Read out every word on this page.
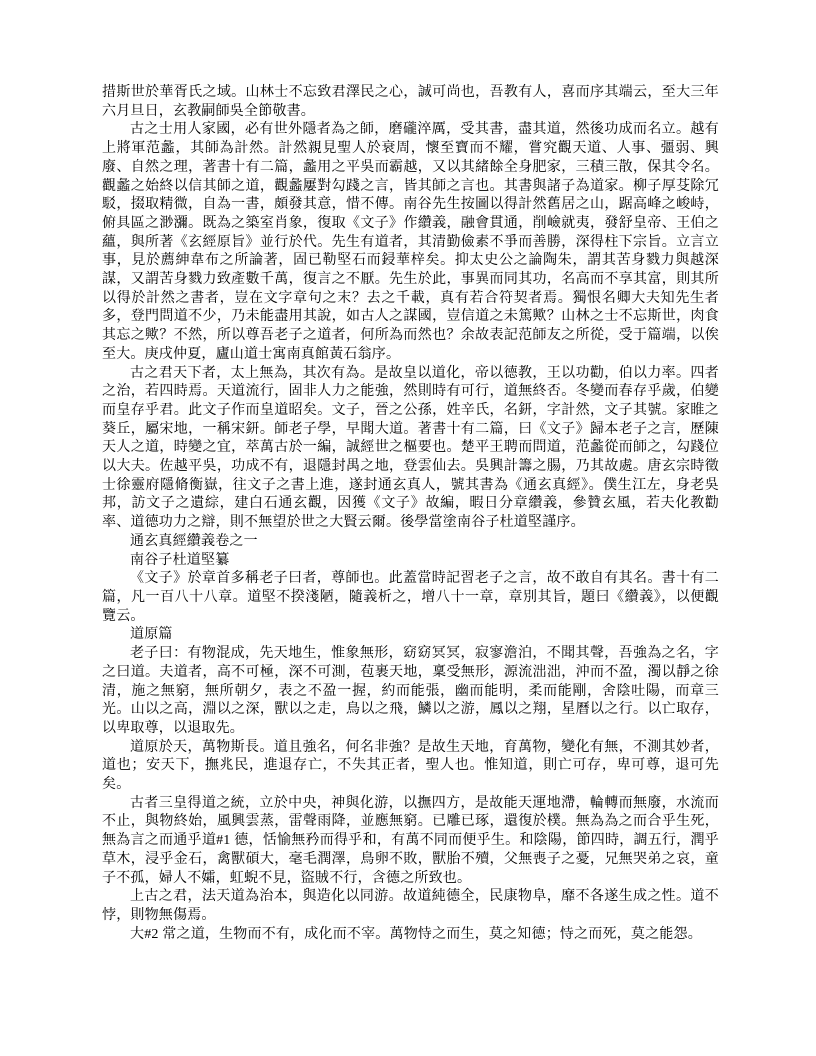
措斯世於華胥氏之域。山林士不忘致君澤民之心，誠可尚也，吾教有人，喜而序其端云，至大三年六月旦日，玄教嗣師吳全節敬書。

古之士用人家國，必有世外隱者為之師，磨礲淬厲，受其書，盡其道，然後功成而名立。越有上將軍范蠡，其師為計然。計然親見聖人於衰周，懷至寶而不耀，嘗究觀天道、人事、彊弱、興廢、自然之理，著書十有二篇，蠡用之平吳而霸越，又以其緒餘全身肥家，三積三散，保其令名。觀蠡之始終以信其師之道，觀蠡屢對勾踐之言，皆其師之言也。其書與諸子為道家。柳子厚芟除冗駁，掇取精微，自為一書，頗發其意，惜不傳。南谷先生按圖以得計然舊居之山，踞高峰之峻峙，俯具區之渺瀰。既為之築室肖象，復取《文子》作纘義，融會貫通，削嶮就夷，發舒皇帝、王伯之蘊，與所著《玄經原旨》並行於代。先生有道者，其清勤儉素不爭而善勝，深得柱下宗旨。立言立事，見於薦紳韋布之所論著，固已勒堅石而鋟華梓矣。抑太史公之論陶朱，謂其苦身戮力與越深謀，又謂苦身戮力致產數千萬，復言之不厭。先生於此，事異而同其功，名高而不享其富，則其所以得於計然之書者，豈在文字章句之末？去之千載，真有若合符契者焉。獨恨名卿大夫知先生者多，登門問道不少，乃未能盡用其說，如古人之謀國，豈信道之未篤歟？山林之士不忘斯世，肉食其忘之歟？不然，所以尊吾老子之道者，何所為而然也？余故表記范師友之所從，受于篇端，以俟至大。庚戌仲夏，廬山道士寓南真館黃石翁序。

古之君天下者，太上無為，其次有為。是故皇以道化，帝以德教，王以功勸，伯以力率。四者之治，若四時焉。天道流行，固非人力之能強，然則時有可行，道無終否。冬變而春存乎歲，伯變而皇存乎君。此文子作而皇道昭矣。文子，晉之公孫，姓辛氏，名鈃，字計然，文子其號。家睢之葵丘，屬宋地，一稱宋鈃。師老子學，早聞大道。著書十有二篇，曰《文子》歸本老子之言，歷陳天人之道，時變之宜，萃萬古於一編，誠經世之樞要也。楚平王聘而問道，范蠡從而師之，勾踐位以大夫。佐越平吳，功成不有，退隱封禺之地，登雲仙去。吳興計籌之腸，乃其故處。唐玄宗時徵士徐靈府隱脩衡嶽，往文子之書上進，遂封通玄真人，號其書為《通玄真經》。僕生江左，身老吳邦，訪文子之遺綜，建白石通玄觀，因獲《文子》故編，暇日分章纘義，參贊玄風，若夫化教勸率、道德功力之辯，則不無望於世之大賢云爾。後學當塗南谷子杜道堅謹序。

通玄真經纘義卷之一

南谷子杜道堅纂

《文子》於章首多稱老子曰者，尊師也。此蓋當時記習老子之言，故不敢自有其名。書十有二篇，凡一百八十八章。道堅不揆淺陋，隨義析之，增八十一章，章別其旨，題曰《纘義》，以便觀覽云。

道原篇

老子曰：有物混成，先天地生，惟象無形，窈窈冥冥，寂寥澹泊，不聞其聲，吾強為之名，字之曰道。夫道者，高不可極，深不可測，苞裹天地，稟受無形，源流泏泏，沖而不盈，濁以靜之徐清，施之無窮，無所朝夕，表之不盈一握，約而能張，幽而能明，柔而能剛，舍陰吐陽，而章三光。山以之高，淵以之深，獸以之走，鳥以之飛，鱗以之游，鳳以之翔，星曆以之行。以亡取存，以卑取尊，以退取先。

道原於天，萬物斯長。道且強名，何名非強？是故生天地，育萬物，變化有無，不測其妙者，道也；安天下，撫兆民，進退存亡，不失其正者，聖人也。惟知道，則亡可存，卑可尊，退可先矣。

古者三皇得道之統，立於中央，神與化游，以撫四方，是故能天運地滯，輪轉而無廢，水流而不止，與物終始，風興雲蒸，雷聲雨降，並應無窮。已雕已琢，還復於樸。無為為之而合乎生死，無為言之而通乎道#1 德，恬愉無矜而得乎和，有萬不同而便乎生。和陰陽，節四時，調五行，潤乎草木，浸乎金石，禽獸碩大，毫毛潤澤，鳥卵不敗，獸胎不殰，父無喪子之憂，兄無哭弟之哀，童子不孤，婦人不孀，虹蜺不見，盜賊不行，含德之所致也。

上古之君，法天道為治本，與造化以同游。故道純德全，民康物阜，靡不各遂生成之性。道不悖，則物無傷焉。

大#2 常之道，生物而不有，成化而不宰。萬物恃之而生，莫之知德；恃之而死，莫之能怨。
